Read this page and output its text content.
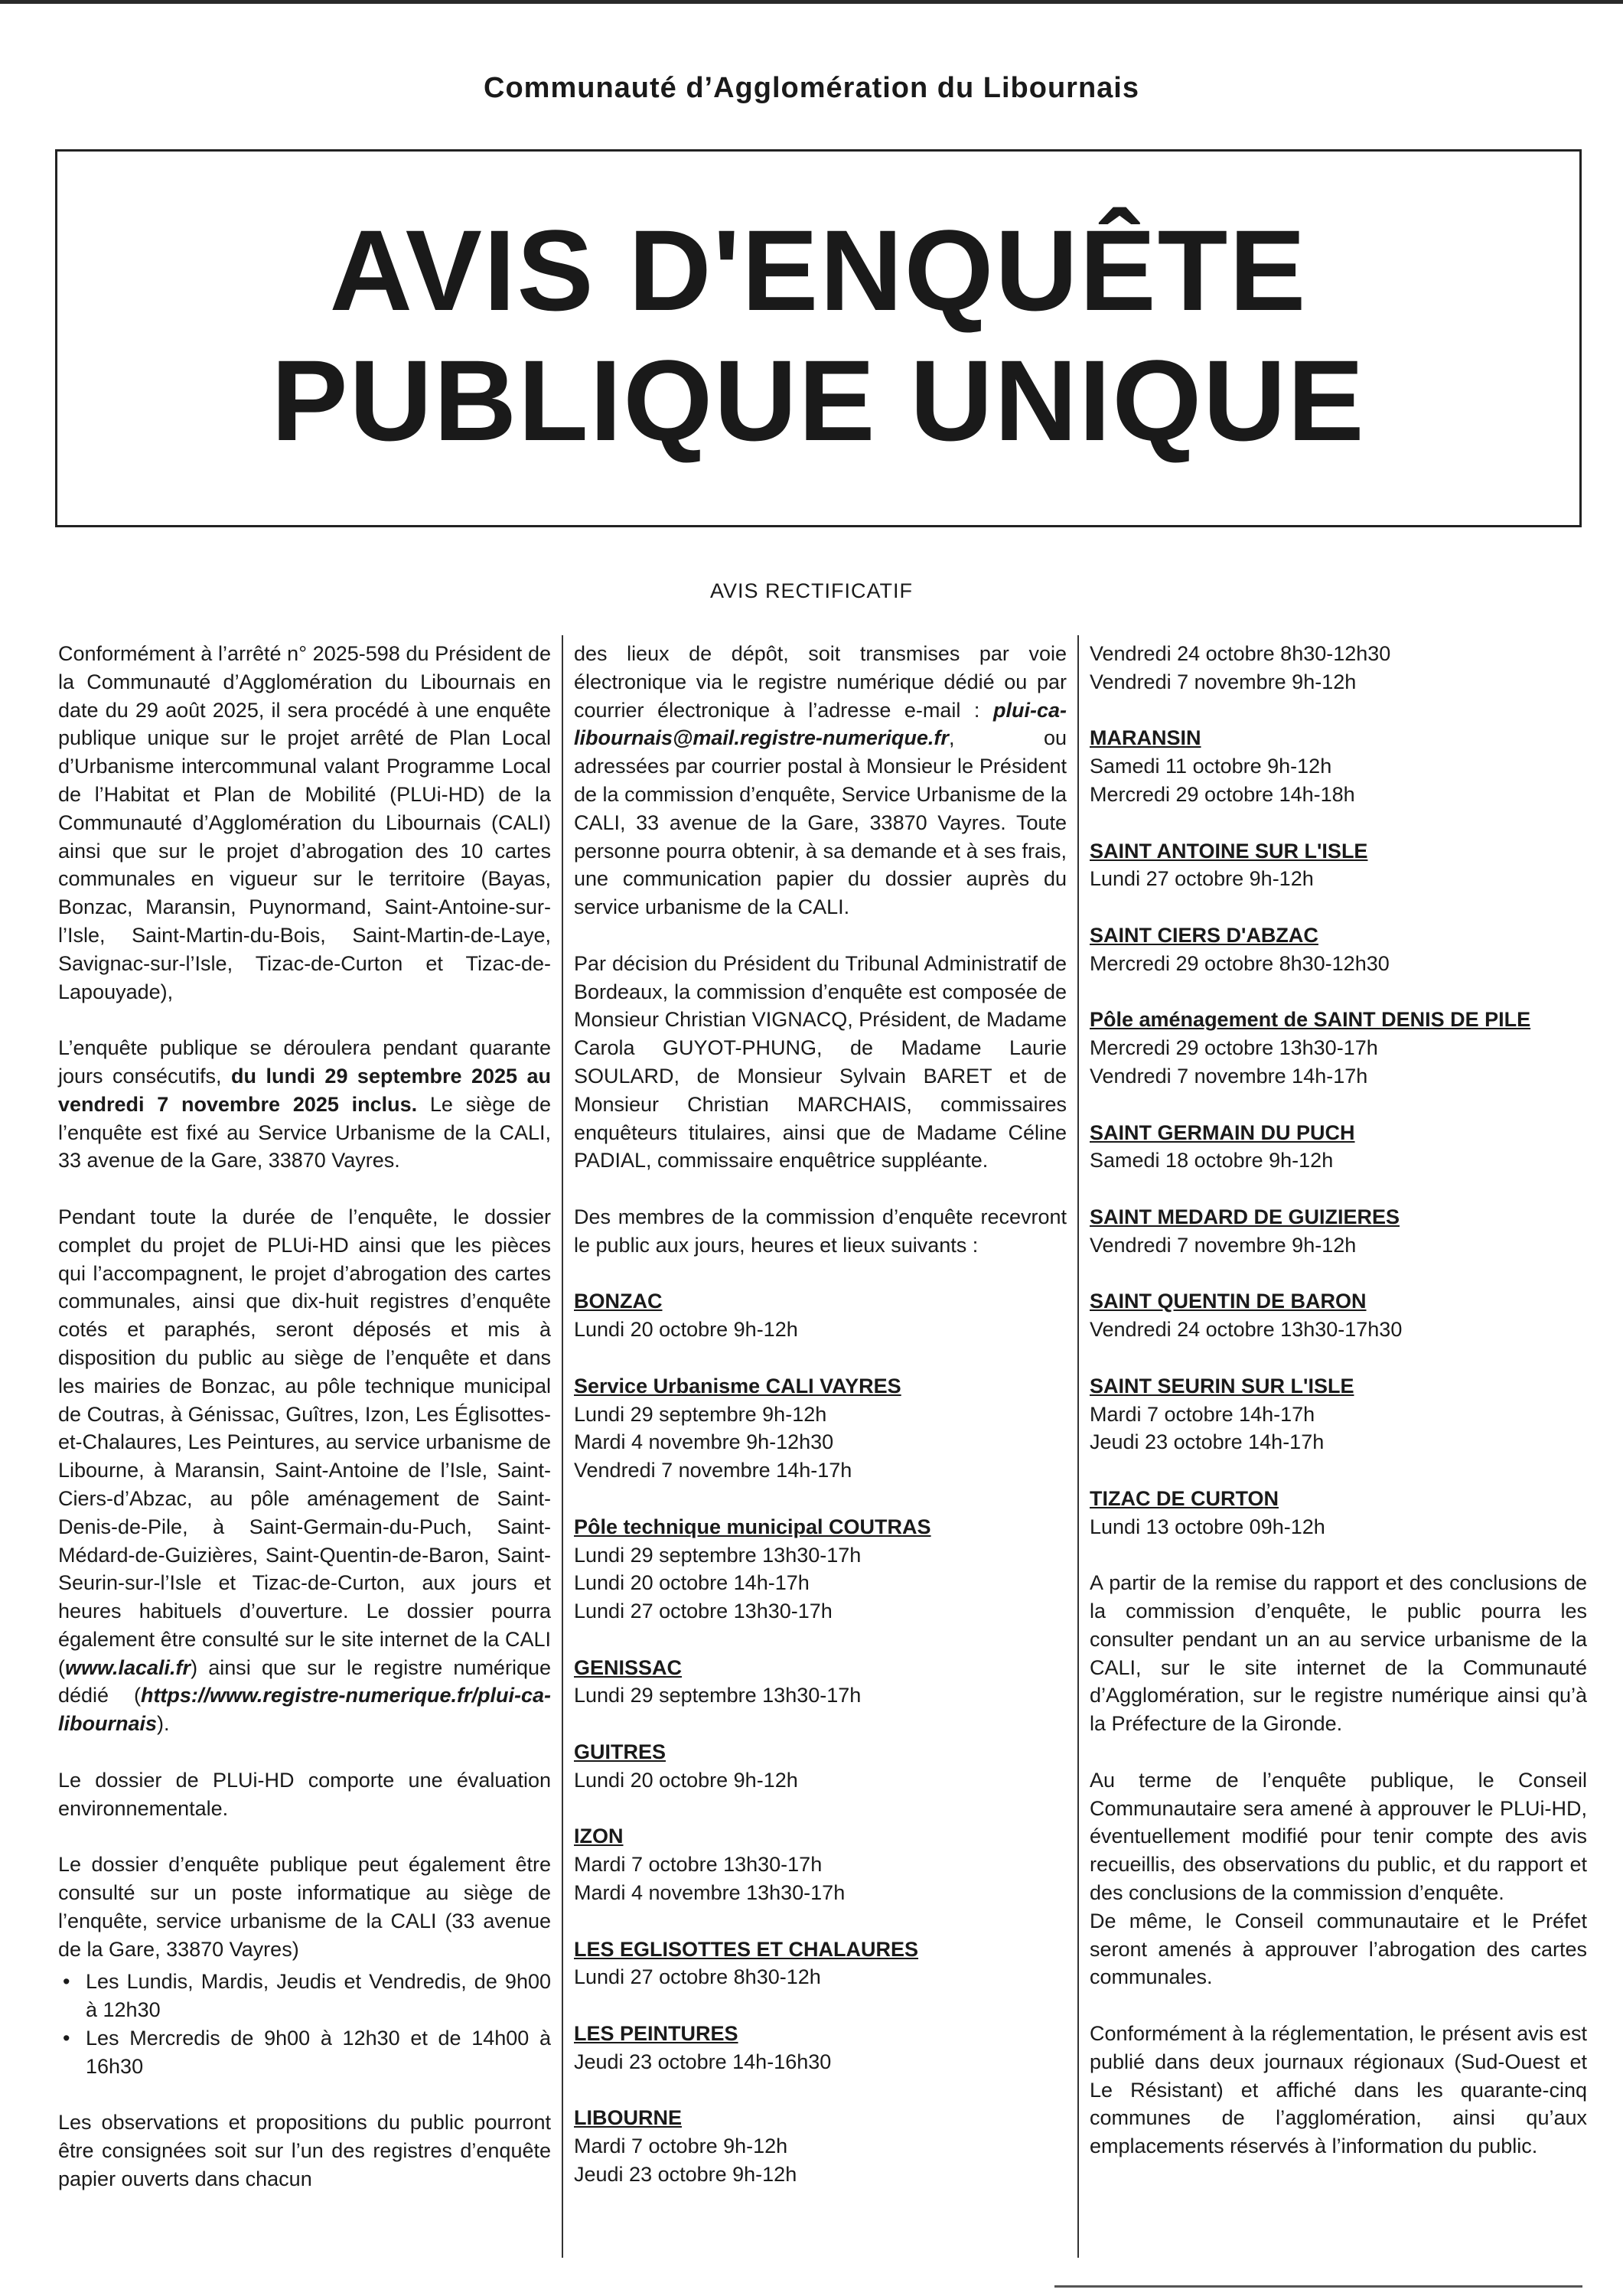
Communauté d’Agglomération du Libournais
AVIS D'ENQUÊTE
PUBLIQUE UNIQUE
AVIS RECTIFICATIF

Conformément à l’arrêté n° 2025-598 du Président de la Communauté d’Agglomération du Libournais en date du 29 août 2025, il sera procédé à une enquête publique unique sur le projet arrêté de Plan Local d’Urbanisme intercommunal valant Programme Local de l’Habitat et Plan de Mobilité (PLUi-HD) de la Communauté d’Agglomération du Libournais (CALI) ainsi que sur le projet d’abrogation des 10 cartes communales en vigueur sur le territoire (Bayas, Bonzac, Maransin, Puynormand, Saint-Antoine-sur-l’Isle, Saint-Martin-du-Bois, Saint-Martin-de-Laye, Savignac-sur-l’Isle, Tizac-de-Curton et Tizac-de-Lapouyade),

L’enquête publique se déroulera pendant quarante jours consécutifs, du lundi 29 septembre 2025 au vendredi 7 novembre 2025 inclus. Le siège de l’enquête est fixé au Service Urbanisme de la CALI, 33 avenue de la Gare, 33870 Vayres.

Pendant toute la durée de l’enquête, le dossier complet du projet de PLUi-HD ainsi que les pièces qui l’accompagnent, le projet d’abrogation des cartes communales, ainsi que dix-huit registres d’enquête cotés et paraphés, seront déposés et mis à disposition du public au siège de l’enquête et dans les mairies de Bonzac, au pôle technique municipal de Coutras, à Génissac, Guîtres, Izon, Les Églisottes-et-Chalaures, Les Peintures, au service urbanisme de Libourne, à Maransin, Saint-Antoine de l’Isle, Saint-Ciers-d’Abzac, au pôle aménagement de Saint-Denis-de-Pile, à Saint-Germain-du-Puch, Saint-Médard-de-Guizières, Saint-Quentin-de-Baron, Saint-Seurin-sur-l’Isle et Tizac-de-Curton, aux jours et heures habituels d’ouverture. Le dossier pourra également être consulté sur le site internet de la CALI (www.lacali.fr) ainsi que sur le registre numérique dédié (https://www.registre-numerique.fr/plui-ca-libournais).

Le dossier de PLUi-HD comporte une évaluation environnementale.

Le dossier d’enquête publique peut également être consulté sur un poste informatique au siège de l’enquête, service urbanisme de la CALI (33 avenue de la Gare, 33870 Vayres)

• Les Lundis, Mardis, Jeudis et Vendredis, de 9h00 à 12h30
• Les Mercredis de 9h00 à 12h30 et de 14h00 à 16h30

Les observations et propositions du public pourront être consignées soit sur l’un des registres d’enquête papier ouverts dans chacun

des lieux de dépôt, soit transmises par voie électronique via le registre numérique dédié ou par courrier électronique à l’adresse e-mail : plui-ca-libournais@mail.registre-numerique.fr, ou adressées par courrier postal à Monsieur le Président de la commission d’enquête, Service Urbanisme de la CALI, 33 avenue de la Gare, 33870 Vayres. Toute personne pourra obtenir, à sa demande et à ses frais, une communication papier du dossier auprès du service urbanisme de la CALI.

Par décision du Président du Tribunal Administratif de Bordeaux, la commission d’enquête est composée de Monsieur Christian VIGNACQ, Président, de Madame Carola GUYOT-PHUNG, de Madame Laurie SOULARD, de Monsieur Sylvain BARET et de Monsieur Christian MARCHAIS, commissaires enquêteurs titulaires, ainsi que de Madame Céline PADIAL, commissaire enquêtrice suppléante.

Des membres de la commission d’enquête recevront le public aux jours, heures et lieux suivants :

BONZAC
Lundi 20 octobre 9h-12h
Service Urbanisme CALI VAYRES
Lundi 29 septembre 9h-12h
Mardi 4 novembre 9h-12h30
Vendredi 7 novembre 14h-17h
Pôle technique municipal COUTRAS
Lundi 29 septembre 13h30-17h
Lundi 20 octobre 14h-17h
Lundi 27 octobre 13h30-17h
GENISSAC
Lundi 29 septembre 13h30-17h
GUITRES
Lundi 20 octobre 9h-12h
IZON
Mardi 7 octobre 13h30-17h
Mardi 4 novembre 13h30-17h
LES EGLISOTTES ET CHALAURES
Lundi 27 octobre 8h30-12h
LES PEINTURES
Jeudi 23 octobre 14h-16h30
LIBOURNE
Mardi 7 octobre 9h-12h
Jeudi 23 octobre 9h-12h
Vendredi 24 octobre 8h30-12h30
Vendredi 7 novembre 9h-12h
MARANSIN
Samedi 11 octobre 9h-12h
Mercredi 29 octobre 14h-18h
SAINT ANTOINE SUR L'ISLE
Lundi 27 octobre 9h-12h
SAINT CIERS D'ABZAC
Mercredi 29 octobre 8h30-12h30
Pôle aménagement de SAINT DENIS DE PILE
Mercredi 29 octobre 13h30-17h
Vendredi 7 novembre 14h-17h
SAINT GERMAIN DU PUCH
Samedi 18 octobre 9h-12h
SAINT MEDARD DE GUIZIERES
Vendredi 7 novembre 9h-12h
SAINT QUENTIN DE BARON
Vendredi 24 octobre 13h30-17h30
SAINT SEURIN SUR L'ISLE
Mardi 7 octobre 14h-17h
Jeudi 23 octobre 14h-17h
TIZAC DE CURTON
Lundi 13 octobre 09h-12h

A partir de la remise du rapport et des conclusions de la commission d’enquête, le public pourra les consulter pendant un an au service urbanisme de la CALI, sur le site internet de la Communauté d’Agglomération, sur le registre numérique ainsi qu’à la Préfecture de la Gironde.

Au terme de l’enquête publique, le Conseil Communautaire sera amené à approuver le PLUi-HD, éventuellement modifié pour tenir compte des avis recueillis, des observations du public, et du rapport et des conclusions de la commission d’enquête.

De même, le Conseil communautaire et le Préfet seront amenés à approuver l’abrogation des cartes communales.

Conformément à la réglementation, le présent avis est publié dans deux journaux régionaux (Sud-Ouest et Le Résistant) et affiché dans les quarante-cinq communes de l’agglomération, ainsi qu’aux emplacements réservés à l’information du public.
